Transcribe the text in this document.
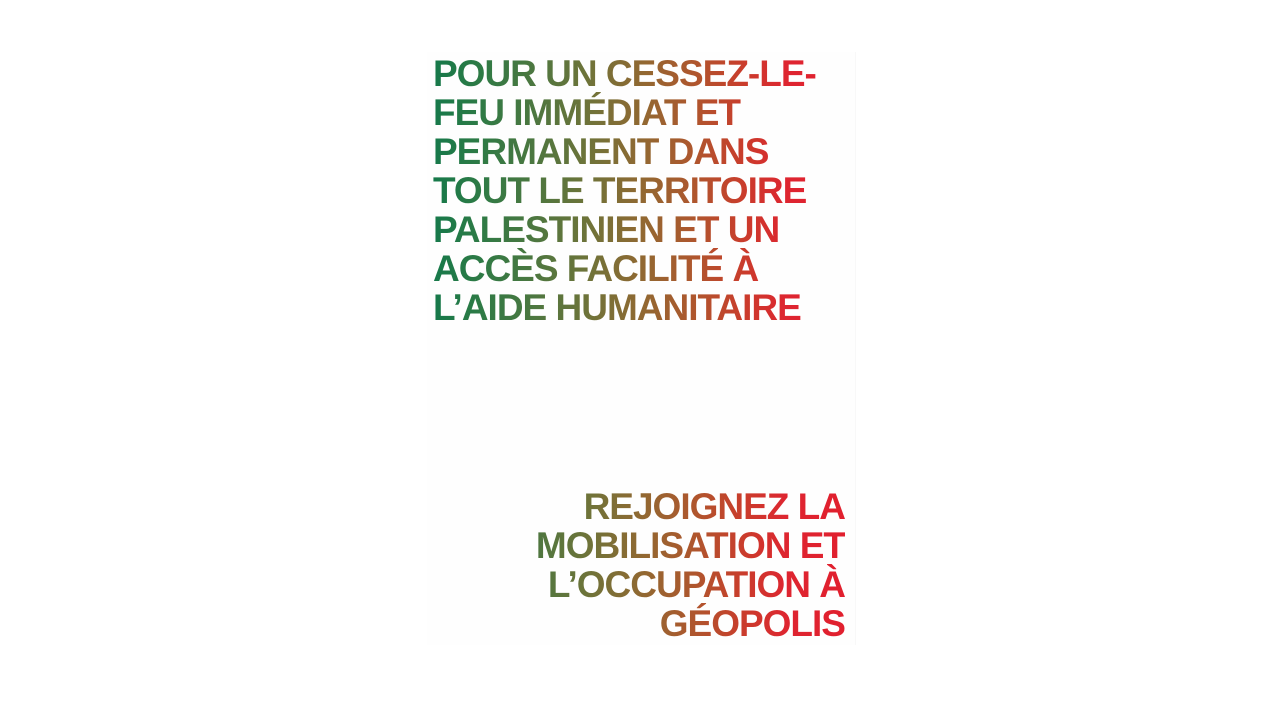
POUR UN CESSEZ-LE-
FEU IMMÉDIAT ET
PERMANENT DANS
TOUT LE TERRITOIRE
PALESTINIEN ET UN
ACCÈS FACILITÉ À
L’AIDE HUMANITAIRE
REJOIGNEZ LA
MOBILISATION ET
L’OCCUPATION À
GÉOPOLIS
